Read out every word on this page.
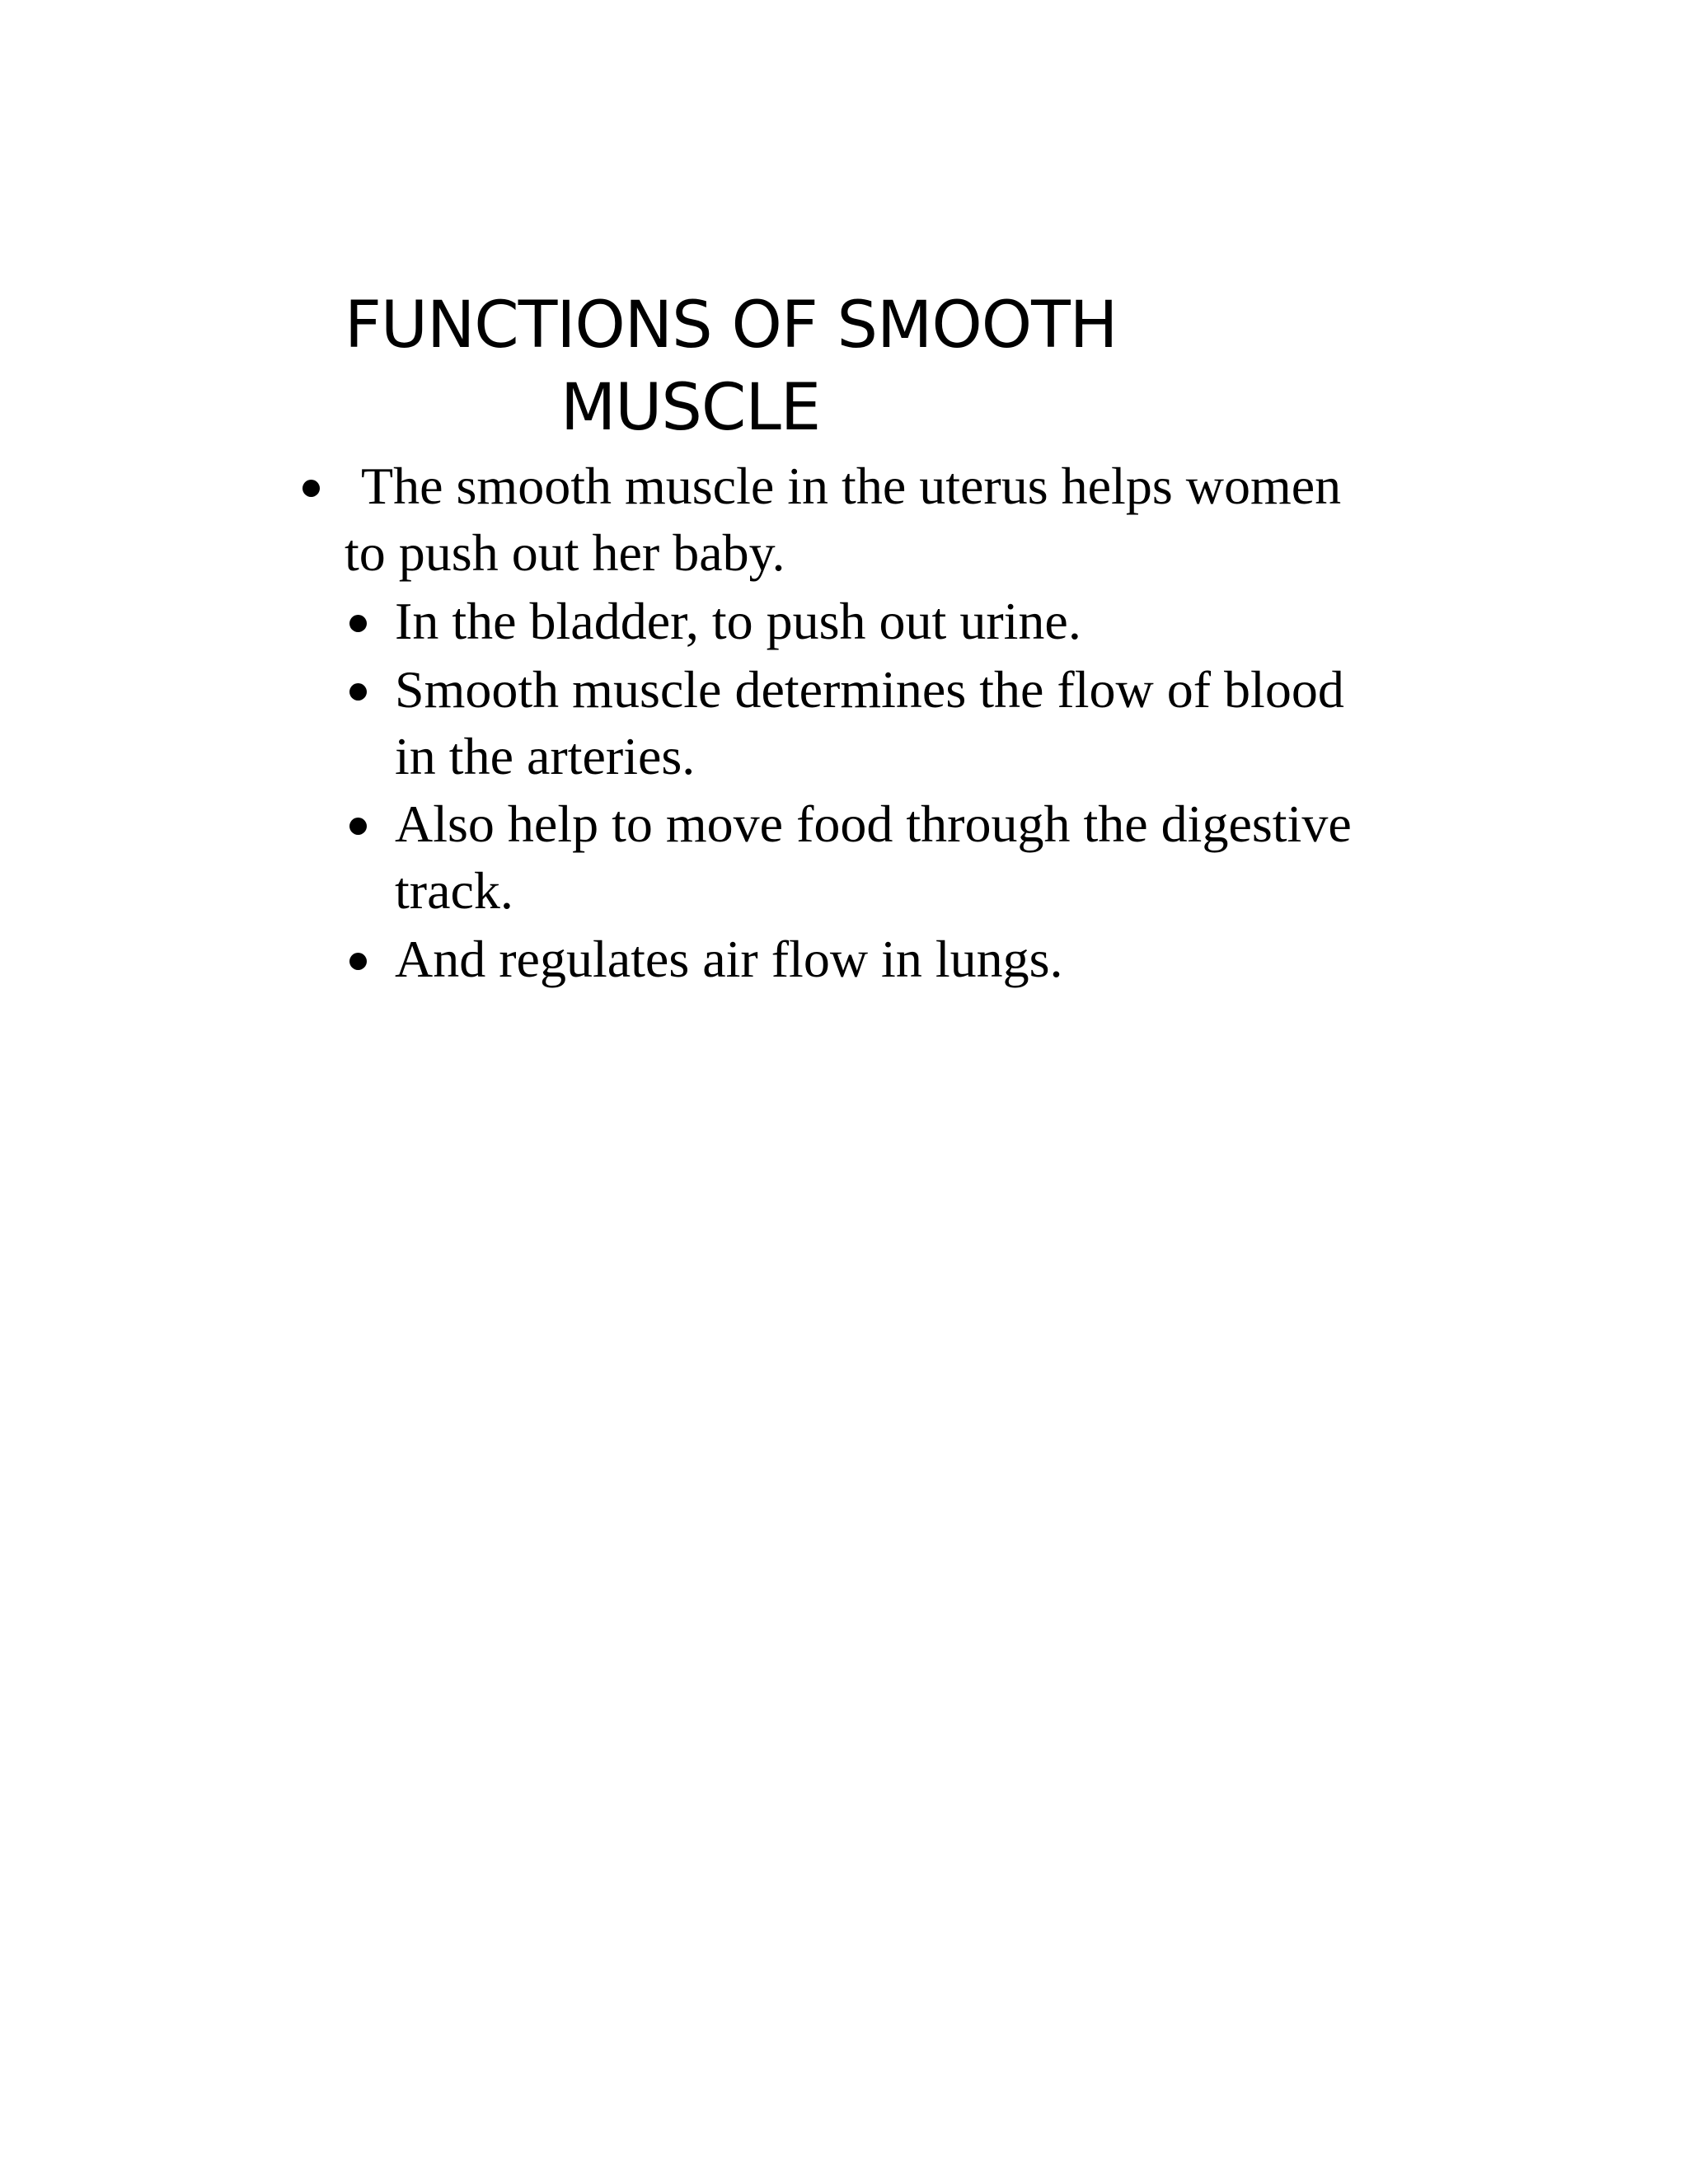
FUNCTIONS OF SMOOTH
MUSCLE
The smooth muscle in the uterus helps women
to push out her baby.
In the bladder, to push out urine.
Smooth muscle determines the flow of blood
in the arteries.
Also help to move food through the digestive
track.
And regulates air flow in lungs.
